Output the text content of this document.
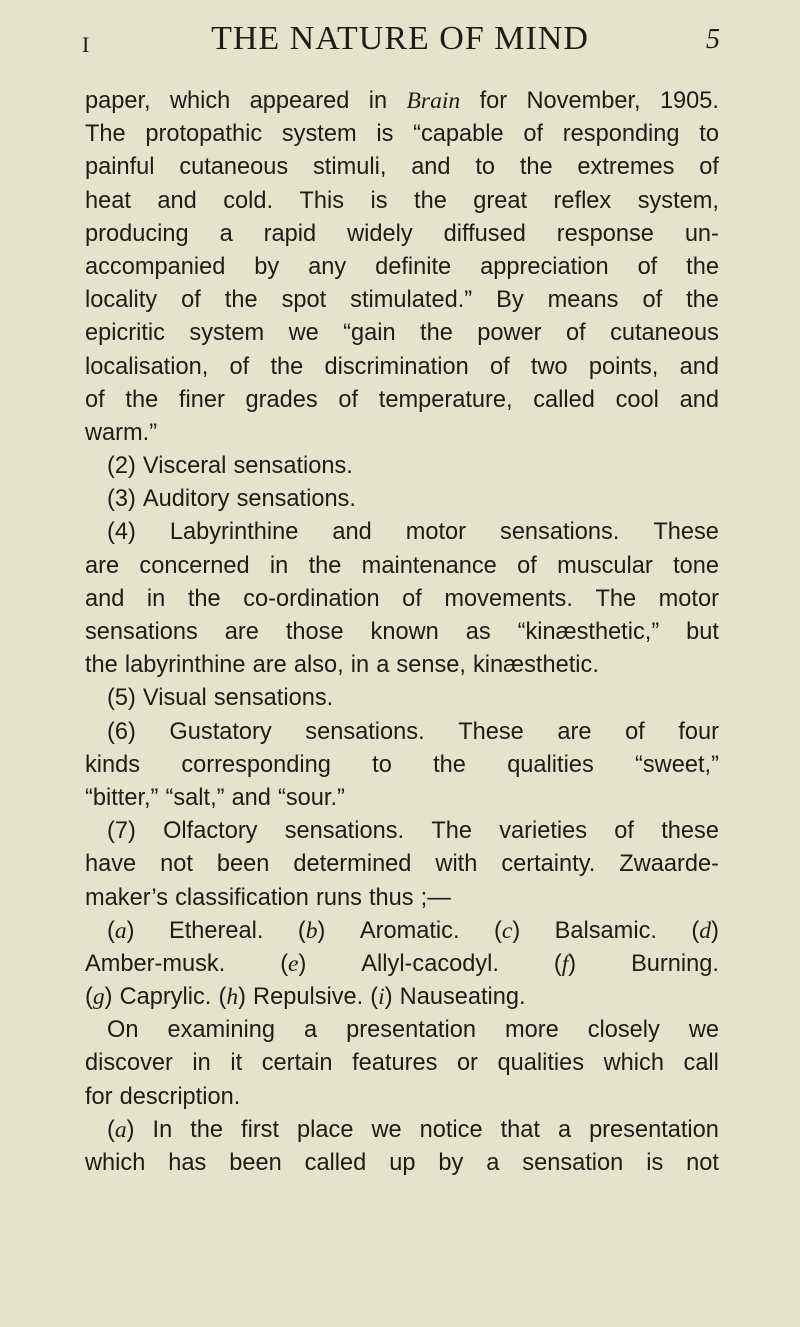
I	THE NATURE OF MIND	5
paper, which appeared in Brain for November, 1905.
The protopathic system is “capable of responding to
painful cutaneous stimuli, and to the extremes of
heat and cold. This is the great reflex system,
producing a rapid widely diffused response un-
accompanied by any definite appreciation of the
locality of the spot stimulated.” By means of the
epicritic system we “gain the power of cutaneous
localisation, of the discrimination of two points, and
of the finer grades of temperature, called cool and
warm.”
(2) Visceral sensations.
(3) Auditory sensations.
(4) Labyrinthine and motor sensations. These
are concerned in the maintenance of muscular tone
and in the co-ordination of movements. The motor
sensations are those known as “kinæsthetic,” but
the labyrinthine are also, in a sense, kinæsthetic.
(5) Visual sensations.
(6) Gustatory sensations. These are of four
kinds corresponding to the qualities “sweet,”
“bitter,” “salt,” and “sour.”
(7) Olfactory sensations. The varieties of these
have not been determined with certainty. Zwaarde-
maker’s classification runs thus ;—
(a) Ethereal. (b) Aromatic. (c) Balsamic. (d)
Amber-musk. (e) Allyl-cacodyl. (f) Burning.
(g) Caprylic. (h) Repulsive. (i) Nauseating.
On examining a presentation more closely we
discover in it certain features or qualities which call
for description.
(a) In the first place we notice that a presentation
which has been called up by a sensation is not
